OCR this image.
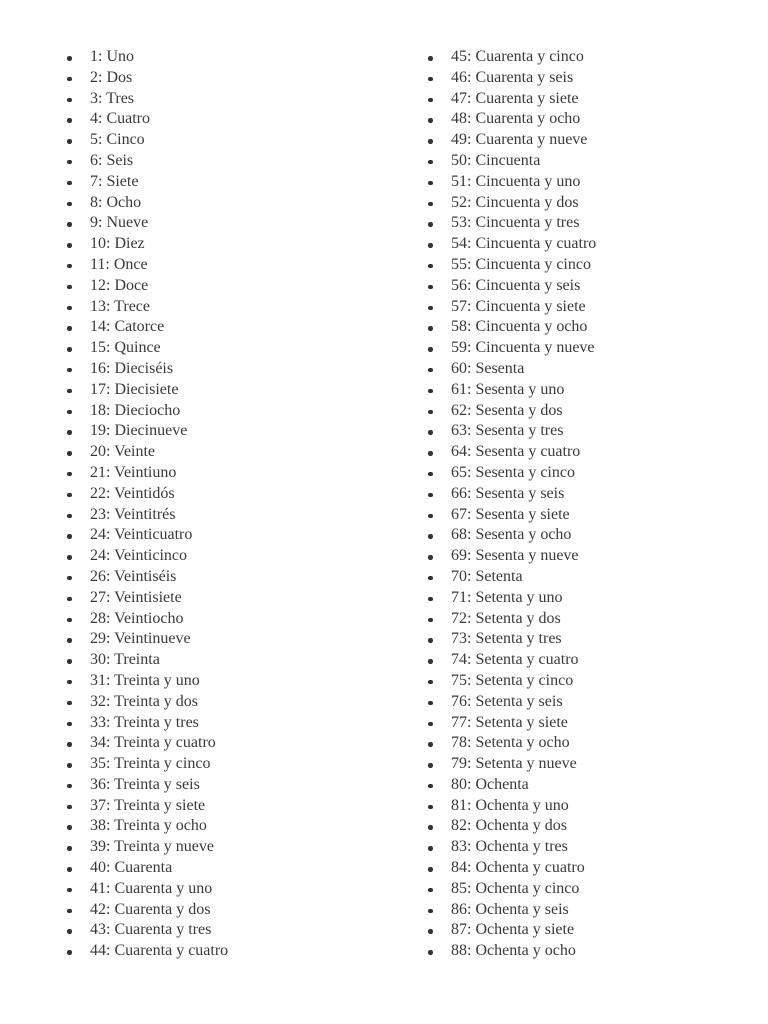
1: Uno
2: Dos
3: Tres
4: Cuatro
5: Cinco
6: Seis
7: Siete
8: Ocho
9: Nueve
10: Diez
11: Once
12: Doce
13: Trece
14: Catorce
15: Quince
16: Dieciséis
17: Diecisiete
18: Dieciocho
19: Diecinueve
20: Veinte
21: Veintiuno
22: Veintidós
23: Veintitrés
24: Veinticuatro
24: Veinticinco
26: Veintiséis
27: Veintisiete
28: Veintiocho
29: Veintinueve
30: Treinta
31: Treinta y uno
32: Treinta y dos
33: Treinta y tres
34: Treinta y cuatro
35: Treinta y cinco
36: Treinta y seis
37: Treinta y siete
38: Treinta y ocho
39: Treinta y nueve
40: Cuarenta
41: Cuarenta y uno
42: Cuarenta y dos
43: Cuarenta y tres
44: Cuarenta y cuatro
45: Cuarenta y cinco
46: Cuarenta y seis
47: Cuarenta y siete
48: Cuarenta y ocho
49: Cuarenta y nueve
50: Cincuenta
51: Cincuenta y uno
52: Cincuenta y dos
53: Cincuenta y tres
54: Cincuenta y cuatro
55: Cincuenta y cinco
56: Cincuenta y seis
57: Cincuenta y siete
58: Cincuenta y ocho
59: Cincuenta y nueve
60: Sesenta
61: Sesenta y uno
62: Sesenta y dos
63: Sesenta y tres
64: Sesenta y cuatro
65: Sesenta y cinco
66: Sesenta y seis
67: Sesenta y siete
68: Sesenta y ocho
69: Sesenta y nueve
70: Setenta
71: Setenta y uno
72: Setenta y dos
73: Setenta y tres
74: Setenta y cuatro
75: Setenta y cinco
76: Setenta y seis
77: Setenta y siete
78: Setenta y ocho
79: Setenta y nueve
80: Ochenta
81: Ochenta y uno
82: Ochenta y dos
83: Ochenta y tres
84: Ochenta y cuatro
85: Ochenta y cinco
86: Ochenta y seis
87: Ochenta y siete
88: Ochenta y ocho
